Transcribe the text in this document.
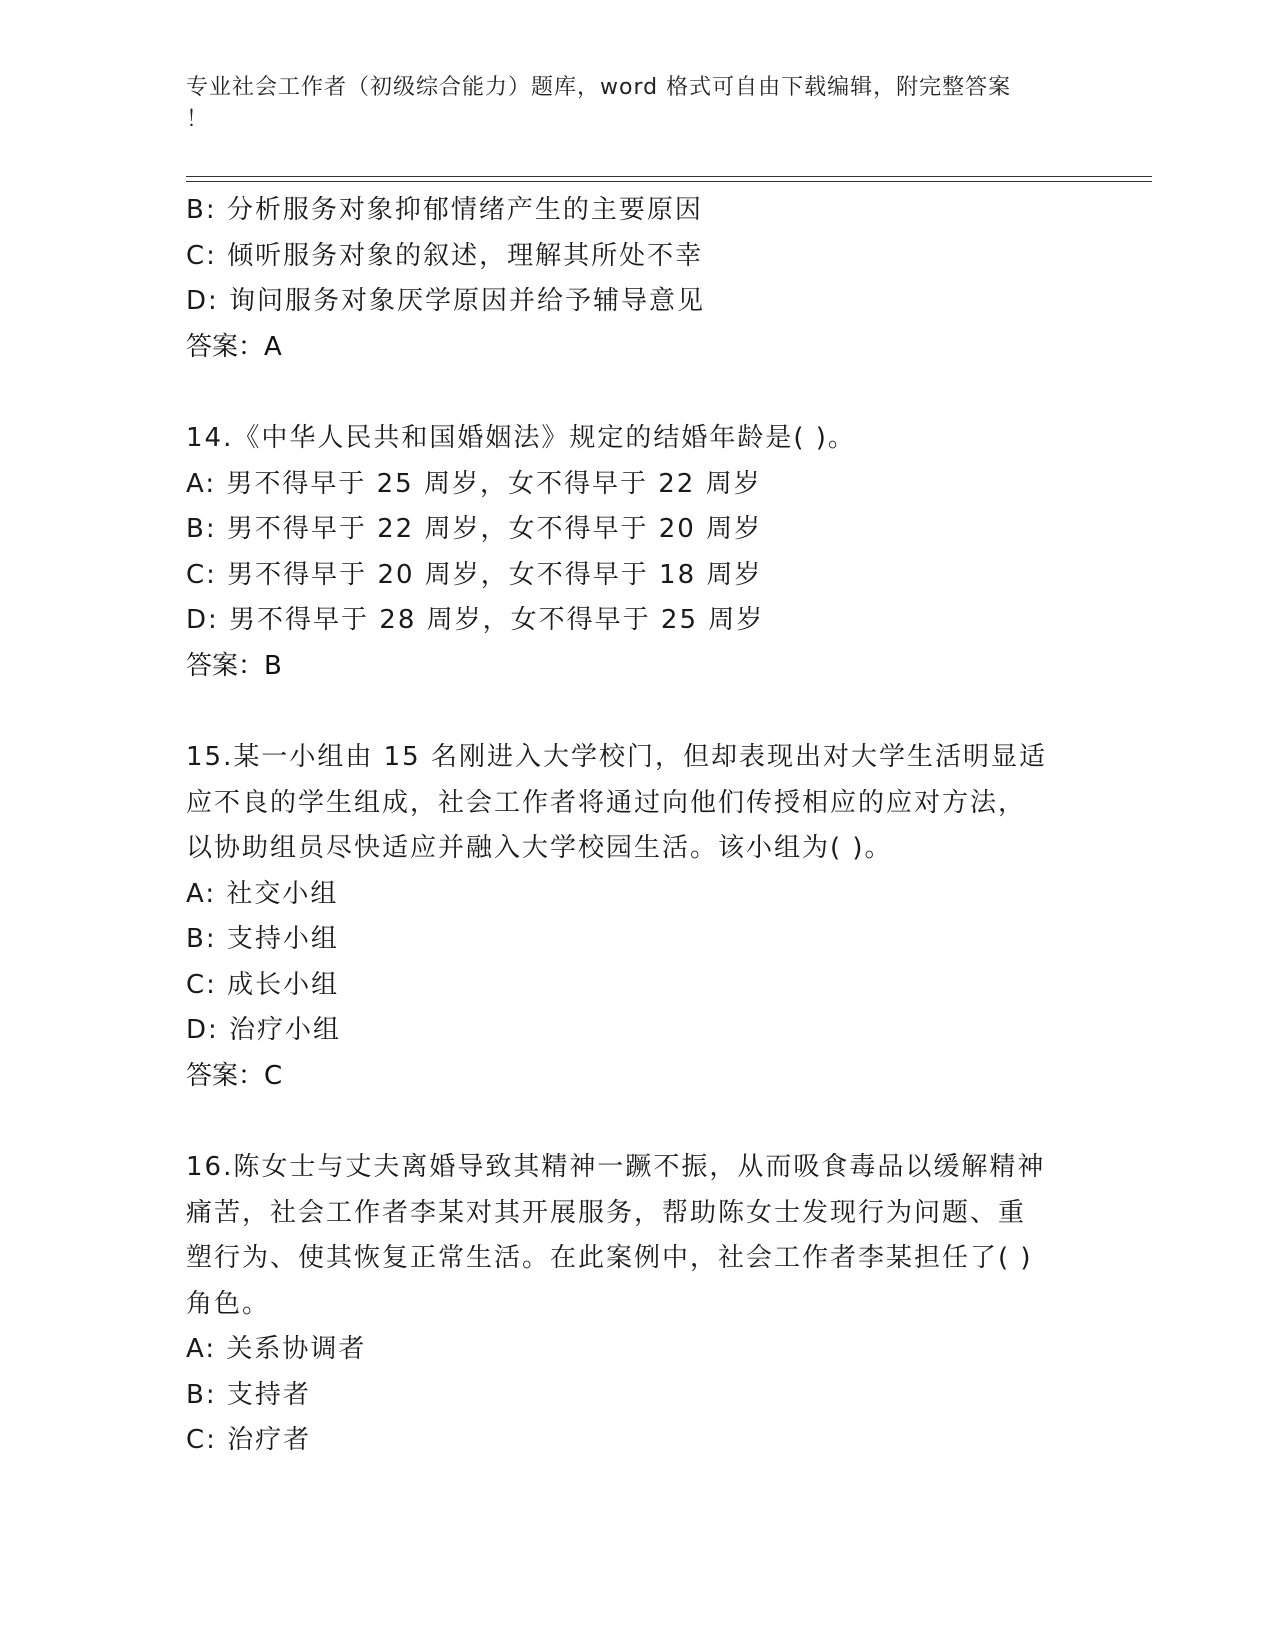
专业社会工作者（初级综合能力）题库，word 格式可自由下载编辑，附完整答案
！
B: 分析服务对象抑郁情绪产生的主要原因
C: 倾听服务对象的叙述，理解其所处不幸
D: 询问服务对象厌学原因并给予辅导意见
答案：A
14.《中华人民共和国婚姻法》规定的结婚年龄是( )。
A: 男不得早于 25 周岁，女不得早于 22 周岁
B: 男不得早于 22 周岁，女不得早于 20 周岁
C: 男不得早于 20 周岁，女不得早于 18 周岁
D: 男不得早于 28 周岁，女不得早于 25 周岁
答案：B
15.某一小组由 15 名刚进入大学校门，但却表现出对大学生活明显适
应不良的学生组成，社会工作者将通过向他们传授相应的应对方法，
以协助组员尽快适应并融入大学校园生活。该小组为( )。
A: 社交小组
B: 支持小组
C: 成长小组
D: 治疗小组
答案：C
16.陈女士与丈夫离婚导致其精神一蹶不振，从而吸食毒品以缓解精神
痛苦，社会工作者李某对其开展服务，帮助陈女士发现行为问题、重
塑行为、使其恢复正常生活。在此案例中，社会工作者李某担任了( )
角色。
A: 关系协调者
B: 支持者
C: 治疗者
